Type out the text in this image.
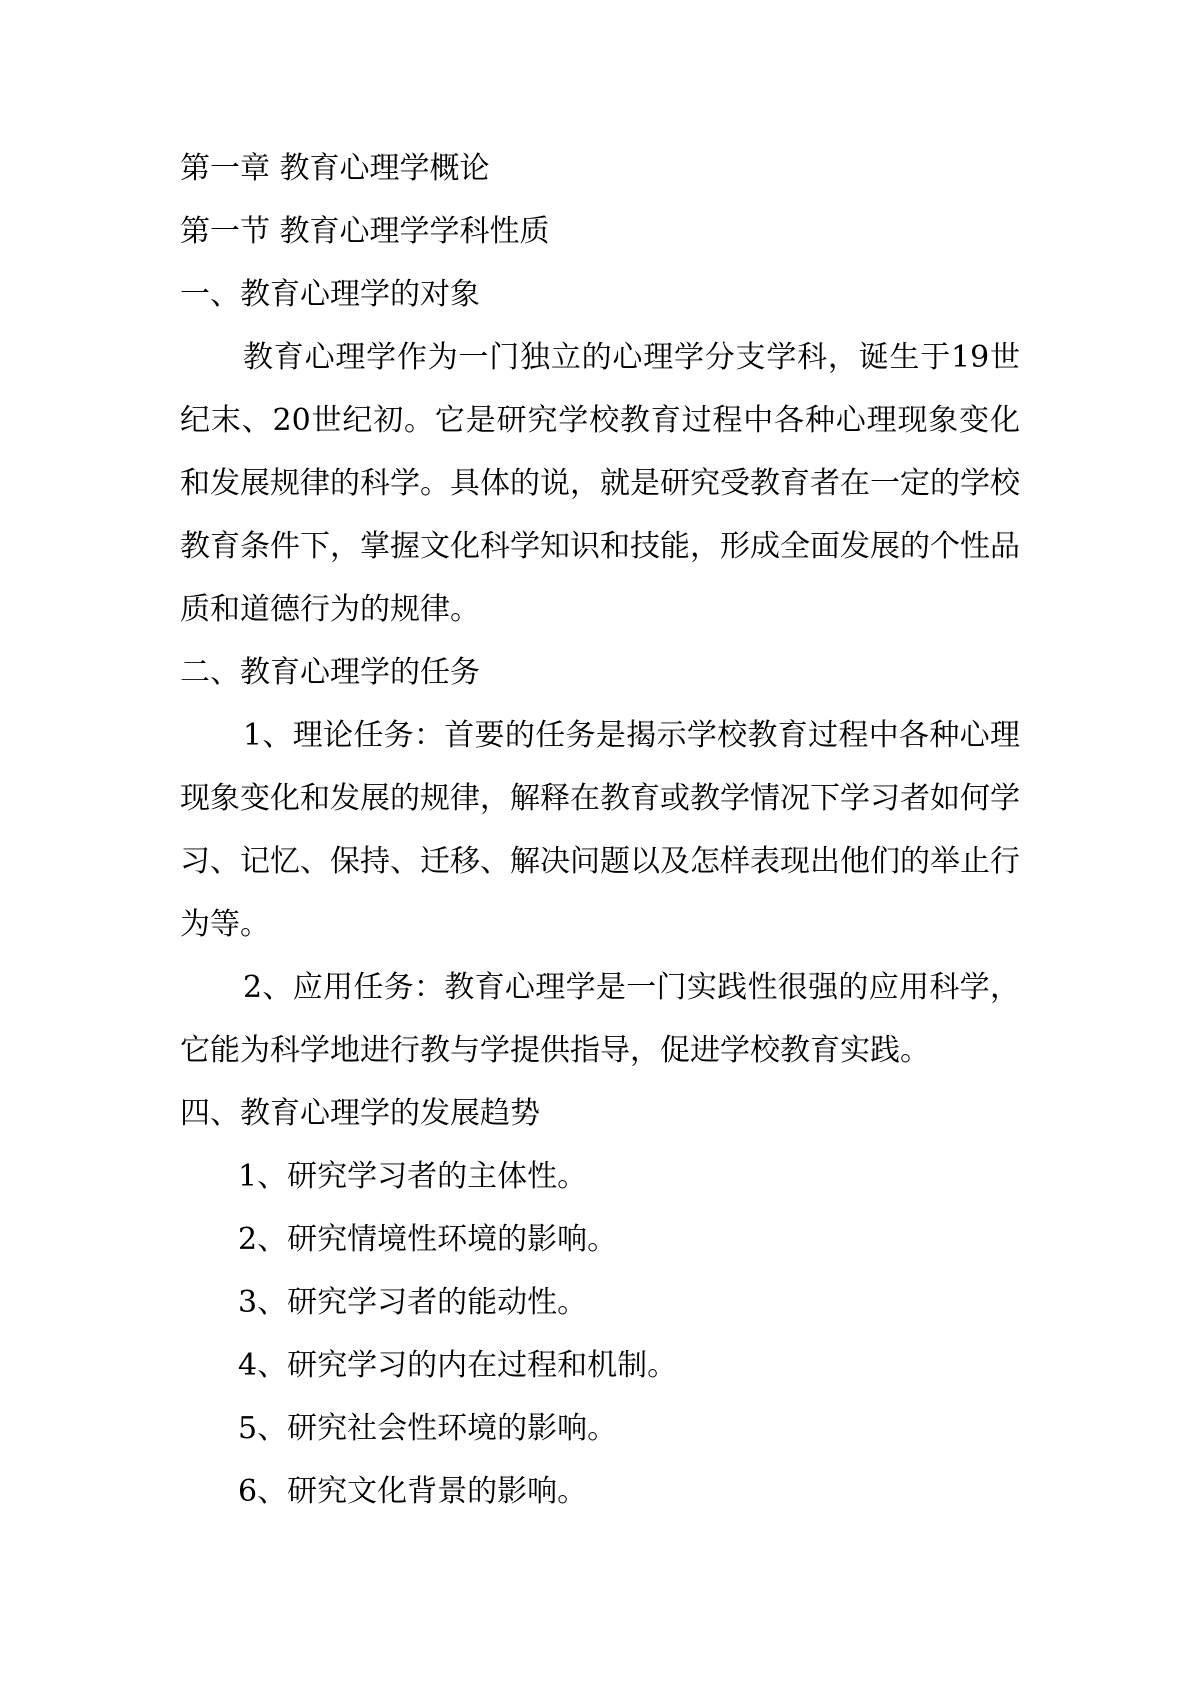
第一章 教育心理学概论

第一节 教育心理学学科性质

一、教育心理学的对象

教育心理学作为一门独立的心理学分支学科，诞生于19世纪末、20世纪初。它是研究学校教育过程中各种心理现象变化和发展规律的科学。具体的说，就是研究受教育者在一定的学校教育条件下，掌握文化科学知识和技能，形成全面发展的个性品质和道德行为的规律。

二、教育心理学的任务

1、理论任务：首要的任务是揭示学校教育过程中各种心理现象变化和发展的规律，解释在教育或教学情况下学习者如何学习、记忆、保持、迁移、解决问题以及怎样表现出他们的举止行为等。

2、应用任务：教育心理学是一门实践性很强的应用科学，它能为科学地进行教与学提供指导，促进学校教育实践。

四、教育心理学的发展趋势

1、研究学习者的主体性。

2、研究情境性环境的影响。

3、研究学习者的能动性。

4、研究学习的内在过程和机制。

5、研究社会性环境的影响。

6、研究文化背景的影响。
